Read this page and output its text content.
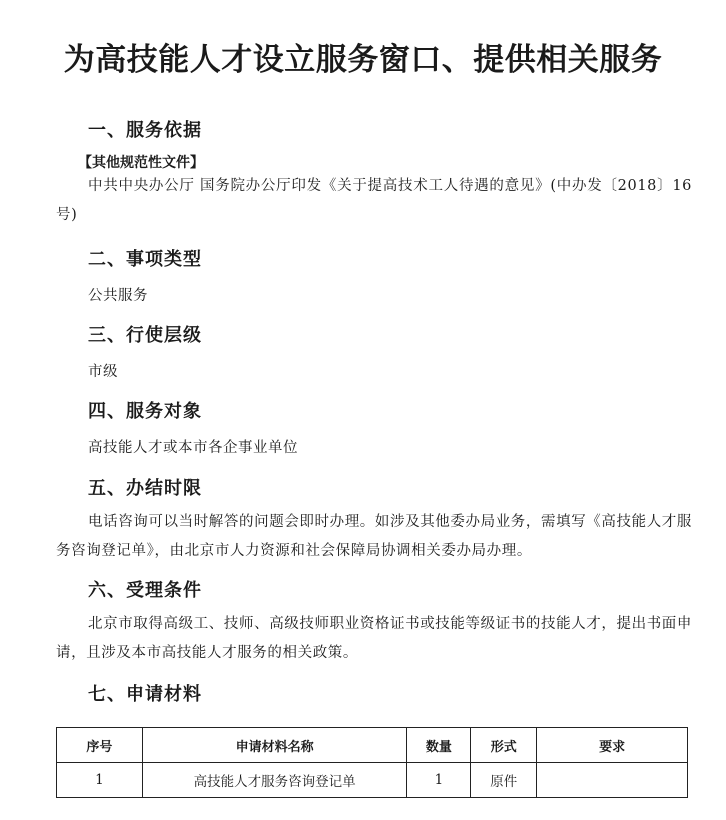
为高技能人才设立服务窗口、提供相关服务
一、服务依据
【其他规范性文件】
中共中央办公厅 国务院办公厅印发《关于提高技术工人待遇的意见》(中办发〔2018〕16 号)
二、事项类型
公共服务
三、行使层级
市级
四、服务对象
高技能人才或本市各企事业单位
五、办结时限
电话咨询可以当时解答的问题会即时办理。如涉及其他委办局业务，需填写《高技能人才服务咨询登记单》，由北京市人力资源和社会保障局协调相关委办局办理。
六、受理条件
北京市取得高级工、技师、高级技师职业资格证书或技能等级证书的技能人才，提出书面申请，且涉及本市高技能人才服务的相关政策。
七、申请材料
序号	申请材料名称	数量	形式	要求
1	高技能人才服务咨询登记单	1	原件	
